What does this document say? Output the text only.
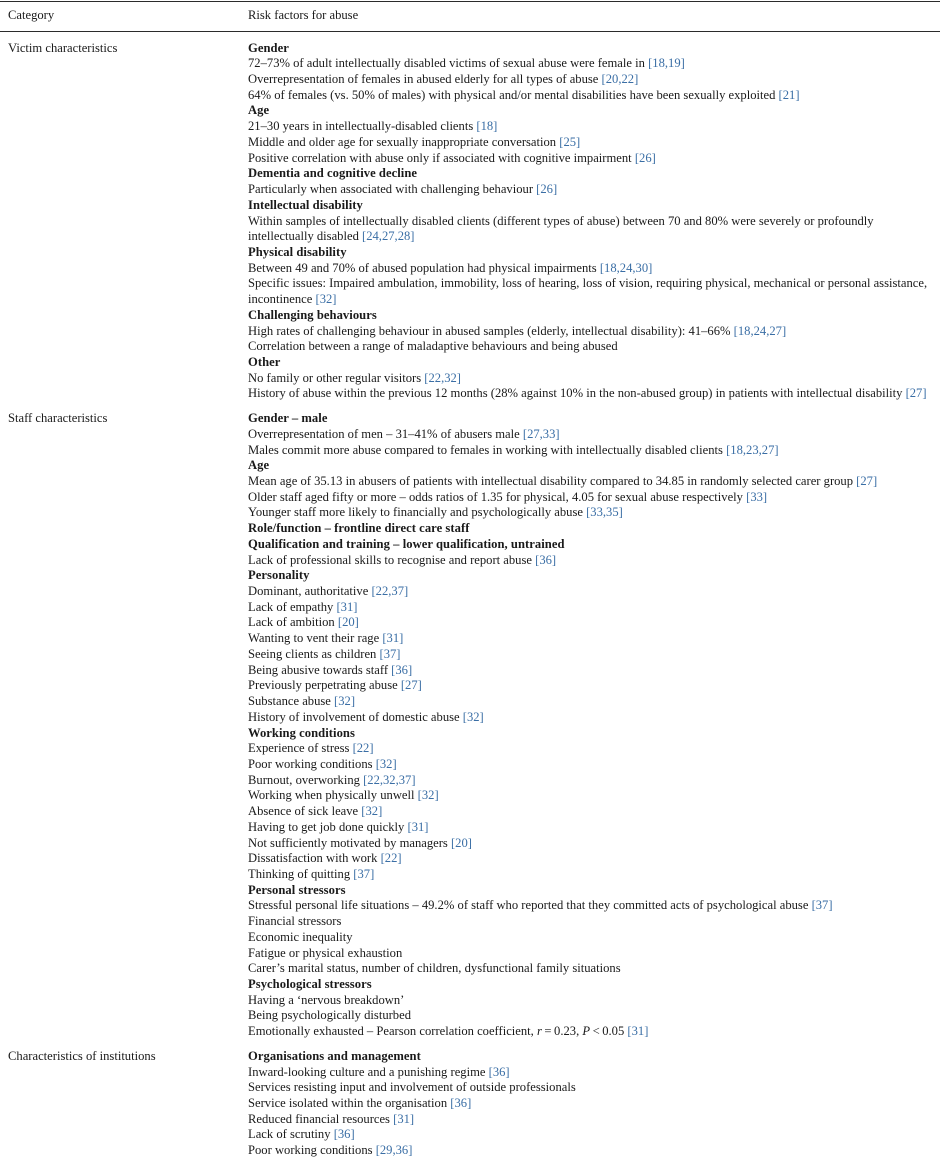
Category	Risk factors for abuse
Victim characteristics	Gender
72–73% of adult intellectually disabled victims of sexual abuse were female in [18,19]
Overrepresentation of females in abused elderly for all types of abuse [20,22]
64% of females (vs. 50% of males) with physical and/or mental disabilities have been sexually exploited [21]
Age
21–30 years in intellectually-disabled clients [18]
Middle and older age for sexually inappropriate conversation [25]
Positive correlation with abuse only if associated with cognitive impairment [26]
Dementia and cognitive decline
Particularly when associated with challenging behaviour [26]
Intellectual disability
Within samples of intellectually disabled clients (different types of abuse) between 70 and 80% were severely or profoundly intellectually disabled [24,27,28]
Physical disability
Between 49 and 70% of abused population had physical impairments [18,24,30]
Specific issues: Impaired ambulation, immobility, loss of hearing, loss of vision, requiring physical, mechanical or personal assistance, incontinence [32]
Challenging behaviours
High rates of challenging behaviour in abused samples (elderly, intellectual disability): 41–66% [18,24,27]
Correlation between a range of maladaptive behaviours and being abused
Other
No family or other regular visitors [22,32]
History of abuse within the previous 12 months (28% against 10% in the non-abused group) in patients with intellectual disability [27]

Staff characteristics	Gender – male
Overrepresentation of men – 31–41% of abusers male [27,33]
Males commit more abuse compared to females in working with intellectually disabled clients [18,23,27]
Age
Mean age of 35.13 in abusers of patients with intellectual disability compared to 34.85 in randomly selected carer group [27]
Older staff aged fifty or more – odds ratios of 1.35 for physical, 4.05 for sexual abuse respectively [33]
Younger staff more likely to financially and psychologically abuse [33,35]
Role/function – frontline direct care staff
Qualification and training – lower qualification, untrained
Lack of professional skills to recognise and report abuse [36]
Personality
Dominant, authoritative [22,37]
Lack of empathy [31]
Lack of ambition [20]
Wanting to vent their rage [31]
Seeing clients as children [37]
Being abusive towards staff [36]
Previously perpetrating abuse [27]
Substance abuse [32]
History of involvement of domestic abuse [32]
Working conditions
Experience of stress [22]
Poor working conditions [32]
Burnout, overworking [22,32,37]
Working when physically unwell [32]
Absence of sick leave [32]
Having to get job done quickly [31]
Not sufficiently motivated by managers [20]
Dissatisfaction with work [22]
Thinking of quitting [37]
Personal stressors
Stressful personal life situations – 49.2% of staff who reported that they committed acts of psychological abuse [37]
Financial stressors
Economic inequality
Fatigue or physical exhaustion
Carer’s marital status, number of children, dysfunctional family situations
Psychological stressors
Having a ‘nervous breakdown’
Being psychologically disturbed
Emotionally exhausted – Pearson correlation coefficient, r = 0.23, P < 0.05 [31]

Characteristics of institutions	Organisations and management
Inward-looking culture and a punishing regime [36]
Services resisting input and involvement of outside professionals
Service isolated within the organisation [36]
Reduced financial resources [31]
Lack of scrutiny [36]
Poor working conditions [29,36]
